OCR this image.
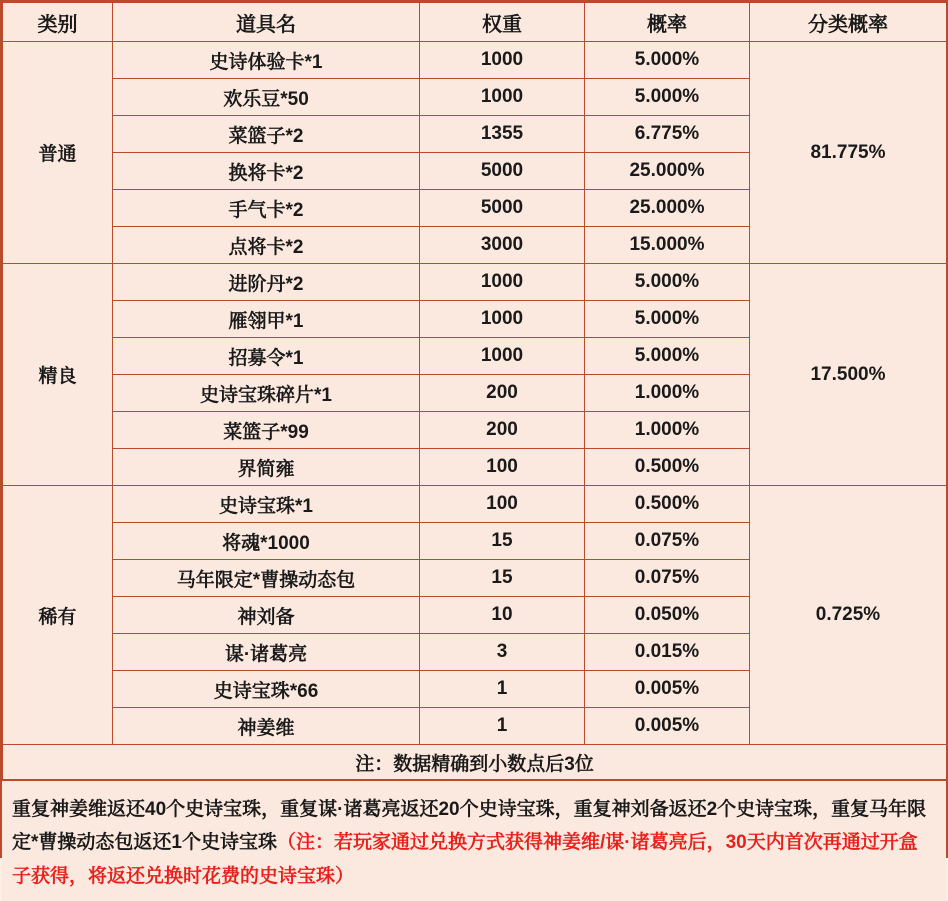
类别	道具名	权重	概率	分类概率
普通	史诗体验卡*1	1000	5.000%	81.775%
	欢乐豆*50	1000	5.000%	
	菜篮子*2	1355	6.775%	
	换将卡*2	5000	25.000%	
	手气卡*2	5000	25.000%	
	点将卡*2	3000	15.000%	
精良	进阶丹*2	1000	5.000%	17.500%
	雁翎甲*1	1000	5.000%	
	招募令*1	1000	5.000%	
	史诗宝珠碎片*1	200	1.000%	
	菜篮子*99	200	1.000%	
	界简雍	100	0.500%	
稀有	史诗宝珠*1	100	0.500%	0.725%
	将魂*1000	15	0.075%	
	马年限定*曹操动态包	15	0.075%	
	神刘备	10	0.050%	
	谋·诸葛亮	3	0.015%	
	史诗宝珠*66	1	0.005%	
	神姜维	1	0.005%	
注：数据精确到小数点后3位				
重复神姜维返还40个史诗宝珠，重复谋·诸葛亮返还20个史诗宝珠，重复神刘备返还2个史诗宝珠，重复马年限定*曹操动态包返还1个史诗宝珠（注：若玩家通过兑换方式获得神姜维/谋·诸葛亮后，30天内首次再通过开盒子获得，将返还兑换时花费的史诗宝珠）
